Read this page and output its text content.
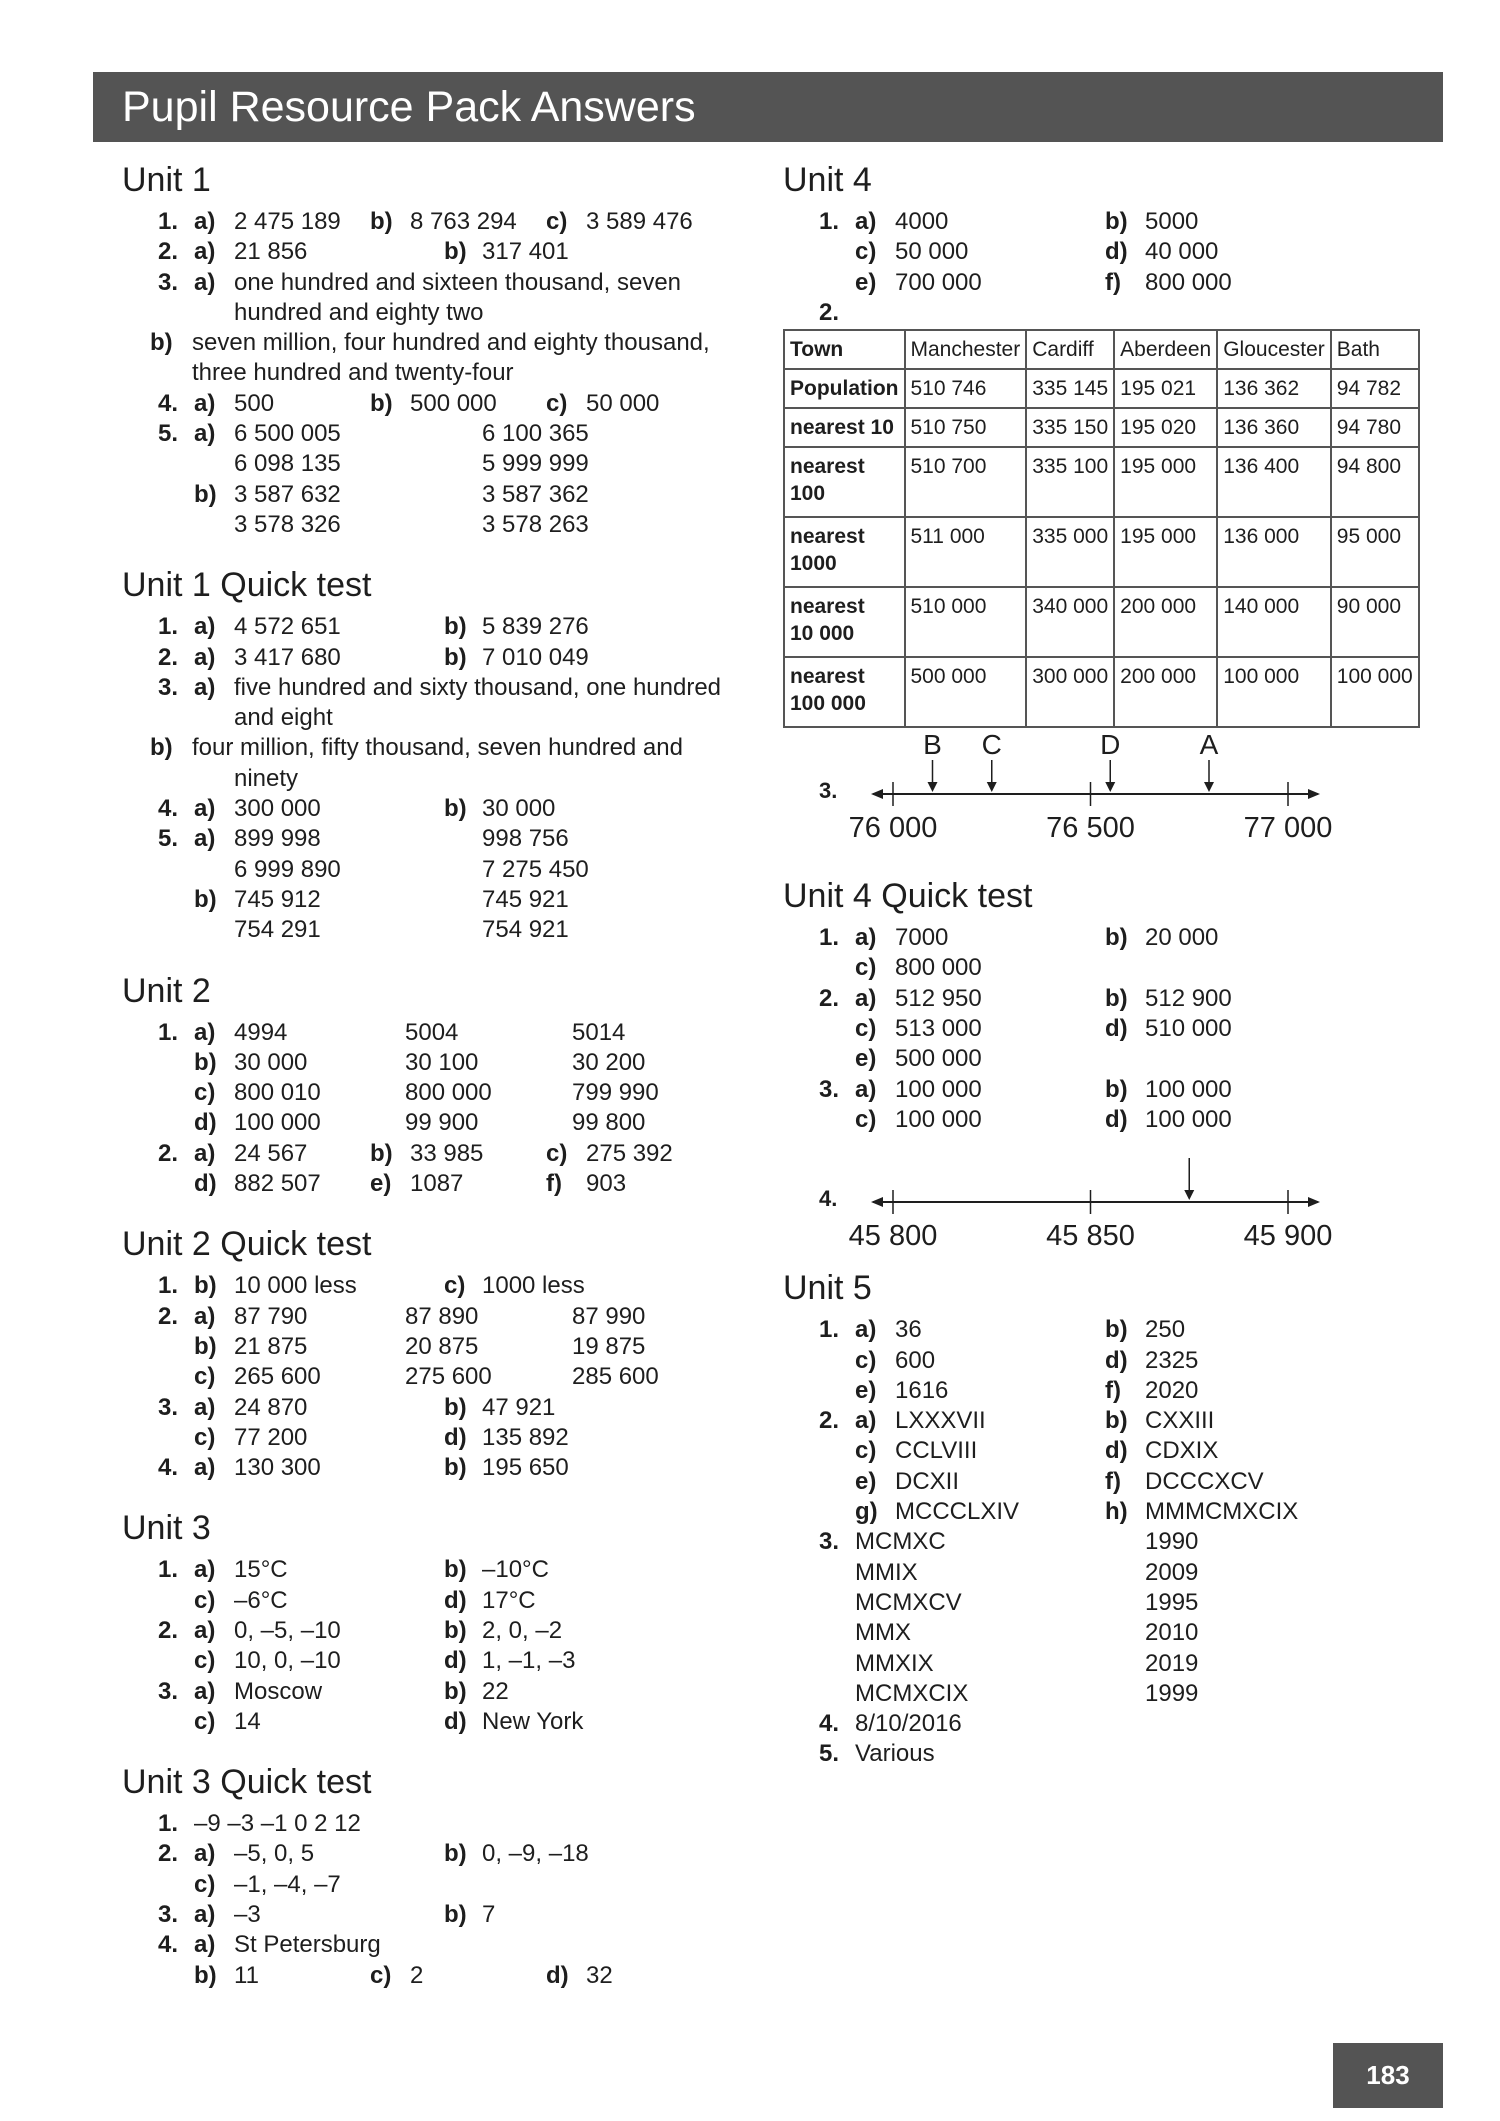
Pupil Resource Pack Answers
Unit 1
1. a) 2 475 189 b) 8 763 294 c) 3 589 476
2. a) 21 856	b) 317 401
3. a) one hundred and sixteen thousand, seven
hundred and eighty two
b) seven million, four hundred and eighty thousand,
three hundred and twenty-four
4. a) 500	b) 500 000 c) 50 000
5. a) 6 500 005	6 100 365
6 098 135	5 999 999
b) 3 587 632	3 587 362
3 578 326	3 578 263
Unit 1 Quick test
1. a) 4 572 651	b) 5 839 276
2. a) 3 417 680	b) 7 010 049
3. a) five hundred and sixty thousand, one hundred
and eight
b) four million, fifty thousand, seven hundred and
ninety
4. a) 300 000	b) 30 000
5. a) 899 998	998 756
6 999 890	7 275 450
b) 745 912	745 921
754 291	754 921
Unit 2
1. a) 4994	5004	5014
b) 30 000	30 100	30 200
c) 800 010	800 000	799 990
d) 100 000	99 900	99 800
2. a) 24 567	b) 33 985	c) 275 392
d) 882 507 e) 1087	f) 903
Unit 2 Quick test
1. b) 10 000 less	c) 1000 less
2. a) 87 790	87 890	87 990
b) 21 875	20 875	19 875
c) 265 600	275 600	285 600
3. a) 24 870	b) 47 921
c) 77 200	d) 135 892
4. a) 130 300	b) 195 650
Unit 3
1. a) 15°C	b) –10°C
c) –6°C	d) 17°C
2. a) 0, –5, –10	b) 2, 0, –2
c) 10, 0, –10	d) 1, –1, –3
3. a) Moscow	b) 22
c) 14	d) New York
Unit 3 Quick test
1. –9 –3 –1 0 2 12
2. a) –5, 0, 5	b) 0, –9, –18
c) –1, –4, –7
3. a) –3	b) 7
4. a) St Petersburg
b) 11	c) 2	d) 32
Unit 4
1. a) 4000	b) 5000
c) 50 000	d) 40 000
e) 700 000	f) 800 000
2.
Town	Manchester	Cardiff	Aberdeen	Gloucester	Bath

Population	510 746	335 145	195 021	136 362	94 782

nearest 10	510 750	335 150	195 020	136 360	94 780

nearest
100	510 700	335 100	195 000	136 400	94 800

nearest
1000	511 000	335 000	195 000	136 000	95 000

nearest
10 000	510 000	340 000	200 000	140 000	90 000

nearest
100 000	500 000	300 000	200 000	100 000	100 000
3.
76 000	76 500	77 000
B C	D	A
Unit 4 Quick test
1. a) 7000	b) 20 000
c) 800 000
2. a) 512 950	b) 512 900
c) 513 000	d) 510 000
e) 500 000
3. a) 100 000	b) 100 000
c) 100 000	d) 100 000
4.
45 800	45 850	45 900
Unit 5
1. a) 36	b) 250
c) 600	d) 2325
e) 1616	f) 2020
2. a) LXXXVII	b) CXXIII
c) CCLVIII	d) CDXIX
e) DCXII	f) DCCCXCV
g) MCCCLXIV	h) MMMCMXCIX
3. MCMXC	1990
MMIX	2009
MCMXCV	1995
MMX	2010
MMXIX	2019
MCMXCIX	1999
4. 8/10/2016
5. Various
183
